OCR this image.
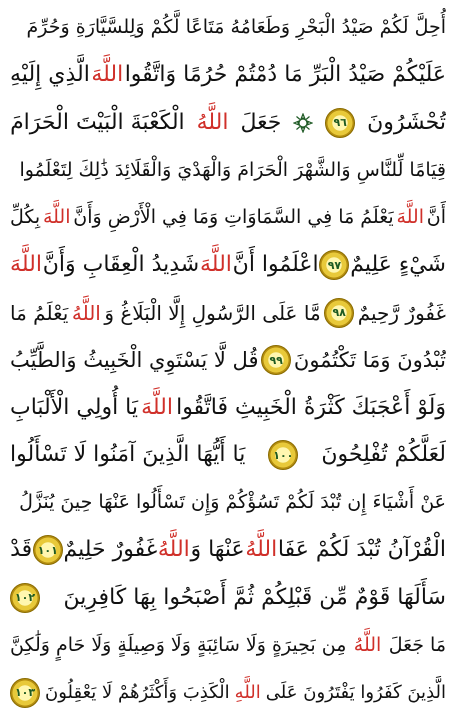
أُحِلَّ لَكُمْ صَيْدُ الْبَحْرِ وَطَعَامُهُ مَتَاعًا لَّكُمْ وَلِلسَّيَّارَةِ وَحُرِّمَ
عَلَيْكُمْ صَيْدُ الْبَرِّ مَا دُمْتُمْ حُرُمًا وَاتَّقُوا
اللَّهَ
الَّذِي إِلَيْهِ
تُحْشَرُونَ
٩٦
جَعَلَ
اللَّهُ
الْكَعْبَةَ الْبَيْتَ الْحَرَامَ
قِيَامًا لِّلنَّاسِ وَالشَّهْرَ الْحَرَامَ وَالْهَدْيَ وَالْقَلَائِدَ ذَٰلِكَ لِتَعْلَمُوا
أَنَّ
اللَّهَ
يَعْلَمُ مَا فِي السَّمَاوَاتِ وَمَا فِي الْأَرْضِ وَأَنَّ
اللَّهَ
بِكُلِّ
شَيْءٍ عَلِيمٌ
٩٧
اعْلَمُوا أَنَّ
اللَّهَ
شَدِيدُ الْعِقَابِ وَأَنَّ
اللَّهَ
غَفُورٌ رَّحِيمٌ
٩٨
مَّا عَلَى الرَّسُولِ إِلَّا الْبَلَاغُ وَ
اللَّهُ
يَعْلَمُ مَا
تُبْدُونَ وَمَا تَكْتُمُونَ
٩٩
قُل لَّا يَسْتَوِي الْخَبِيثُ وَالطَّيِّبُ
وَلَوْ أَعْجَبَكَ كَثْرَةُ الْخَبِيثِ فَاتَّقُوا
اللَّهَ
يَا أُولِي الْأَلْبَابِ
لَعَلَّكُمْ تُفْلِحُونَ
١٠٠
يَا أَيُّهَا الَّذِينَ آمَنُوا لَا تَسْأَلُوا
عَنْ أَشْيَاءَ إِن تُبْدَ لَكُمْ تَسُؤْكُمْ وَإِن تَسْأَلُوا عَنْهَا حِينَ يُنَزَّلُ
الْقُرْآنُ تُبْدَ لَكُمْ عَفَا
اللَّهُ
عَنْهَا وَ
اللَّهُ
غَفُورٌ حَلِيمٌ
١٠١
قَدْ
سَأَلَهَا قَوْمٌ مِّن قَبْلِكُمْ ثُمَّ أَصْبَحُوا بِهَا كَافِرِينَ
١٠٢
مَا جَعَلَ
اللَّهُ
مِن بَحِيرَةٍ وَلَا سَائِبَةٍ وَلَا وَصِيلَةٍ وَلَا حَامٍ وَلَٰكِنَّ
الَّذِينَ كَفَرُوا يَفْتَرُونَ عَلَى
اللَّهِ
الْكَذِبَ وَأَكْثَرُهُمْ لَا يَعْقِلُونَ
١٠٣
